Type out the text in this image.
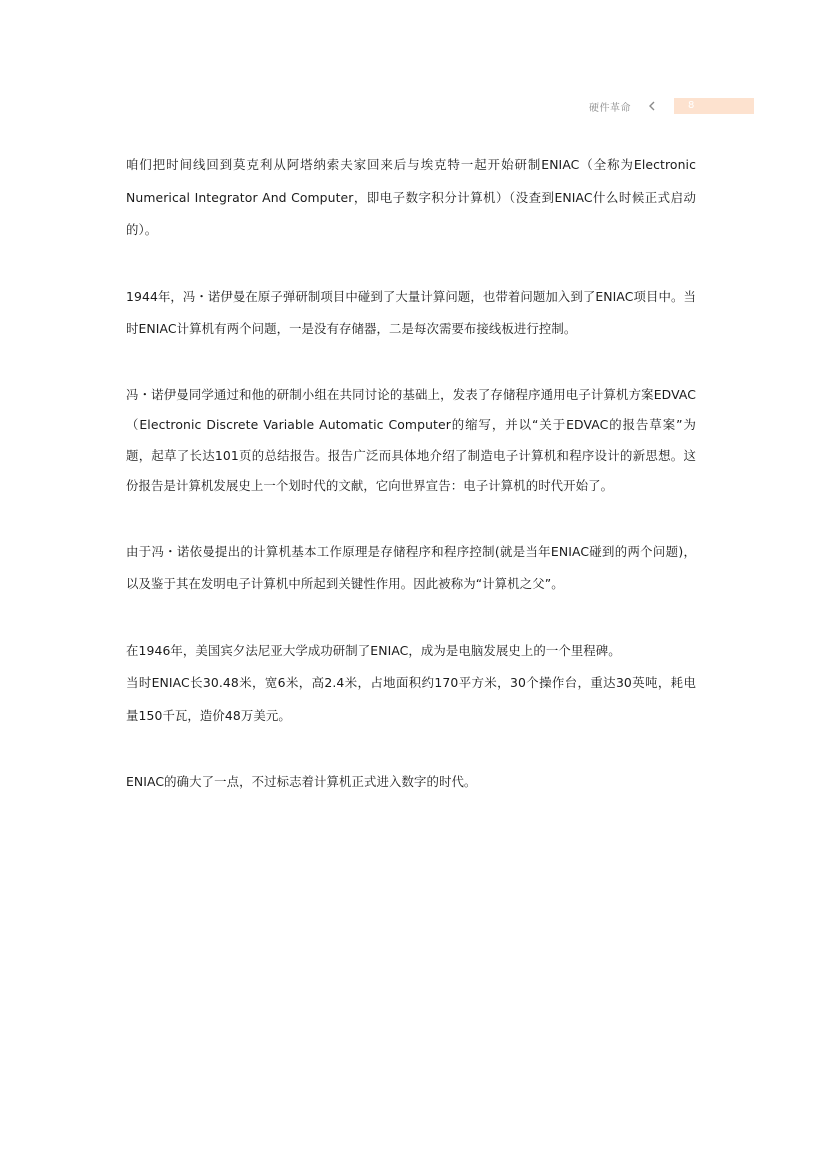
硬件革命	8

咱们把时间线回到莫克利从阿塔纳索夫家回来后与埃克特一起开始研制ENIAC（全称为Electronic Numerical Integrator And Computer，即电子数字积分计算机）（没查到ENIAC什么时候正式启动的）。

1944年，冯・诺伊曼在原子弹研制项目中碰到了大量计算问题，也带着问题加入到了ENIAC项目中。当时ENIAC计算机有两个问题，一是没有存储器，二是每次需要布接线板进行控制。

冯・诺伊曼同学通过和他的研制小组在共同讨论的基础上，发表了存储程序通用电子计算机方案EDVAC（Electronic Discrete Variable Automatic Computer的缩写，并以“关于EDVAC的报告草案”为题，起草了长达101页的总结报告。报告广泛而具体地介绍了制造电子计算机和程序设计的新思想。这份报告是计算机发展史上一个划时代的文献，它向世界宣告：电子计算机的时代开始了。

由于冯・诺依曼提出的计算机基本工作原理是存储程序和程序控制(就是当年ENIAC碰到的两个问题)，以及鉴于其在发明电子计算机中所起到关键性作用。因此被称为“计算机之父”。

在1946年，美国宾夕法尼亚大学成功研制了ENIAC，成为是电脑发展史上的一个里程碑。

当时ENIAC长30.48米，宽6米，高2.4米，占地面积约170平方米，30个操作台，重达30英吨，耗电量150千瓦，造价48万美元。

ENIAC的确大了一点，不过标志着计算机正式进入数字的时代。
